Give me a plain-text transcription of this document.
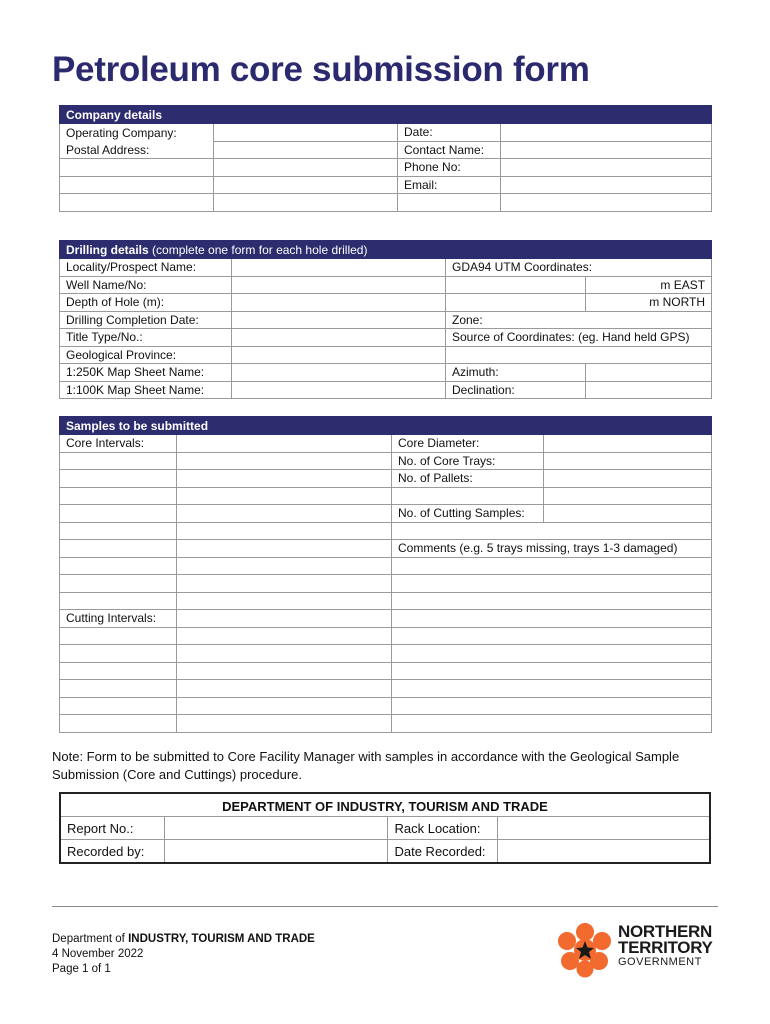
Petroleum core submission form
Company details			
Operating Company:		Date:	
Postal Address:		Contact Name:	
		Phone No:	
		Email:	

Drilling details (complete one form for each hole drilled)			
Locality/Prospect Name:		GDA94 UTM Coordinates:	
Well Name/No:			m EAST
Depth of Hole (m):			m NORTH
Drilling Completion Date:		Zone:	
Title Type/No.:		Source of Coordinates: (eg. Hand held GPS)	
Geological Province:			
1:250K Map Sheet Name:		Azimuth:	
1:100K Map Sheet Name:		Declination:	
Samples to be submitted			
Core Intervals:		Core Diameter:	
		No. of Core Trays:	
		No. of Pallets:	

		No. of Cutting Samples:	

		Comments (e.g. 5 trays missing, trays 1-3 damaged)	

Cutting Intervals:			

Note: Form to be submitted to Core Facility Manager with samples in accordance with the Geological Sample Submission (Core and Cuttings) procedure.

DEPARTMENT OF INDUSTRY, TOURISM AND TRADE			
Report No.:		Rack Location:	
Recorded by:		Date Recorded:	
Department of INDUSTRY, TOURISM AND TRADE
4 November 2022
Page 1 of 1
NORTHERN
TERRITORY
GOVERNMENT
